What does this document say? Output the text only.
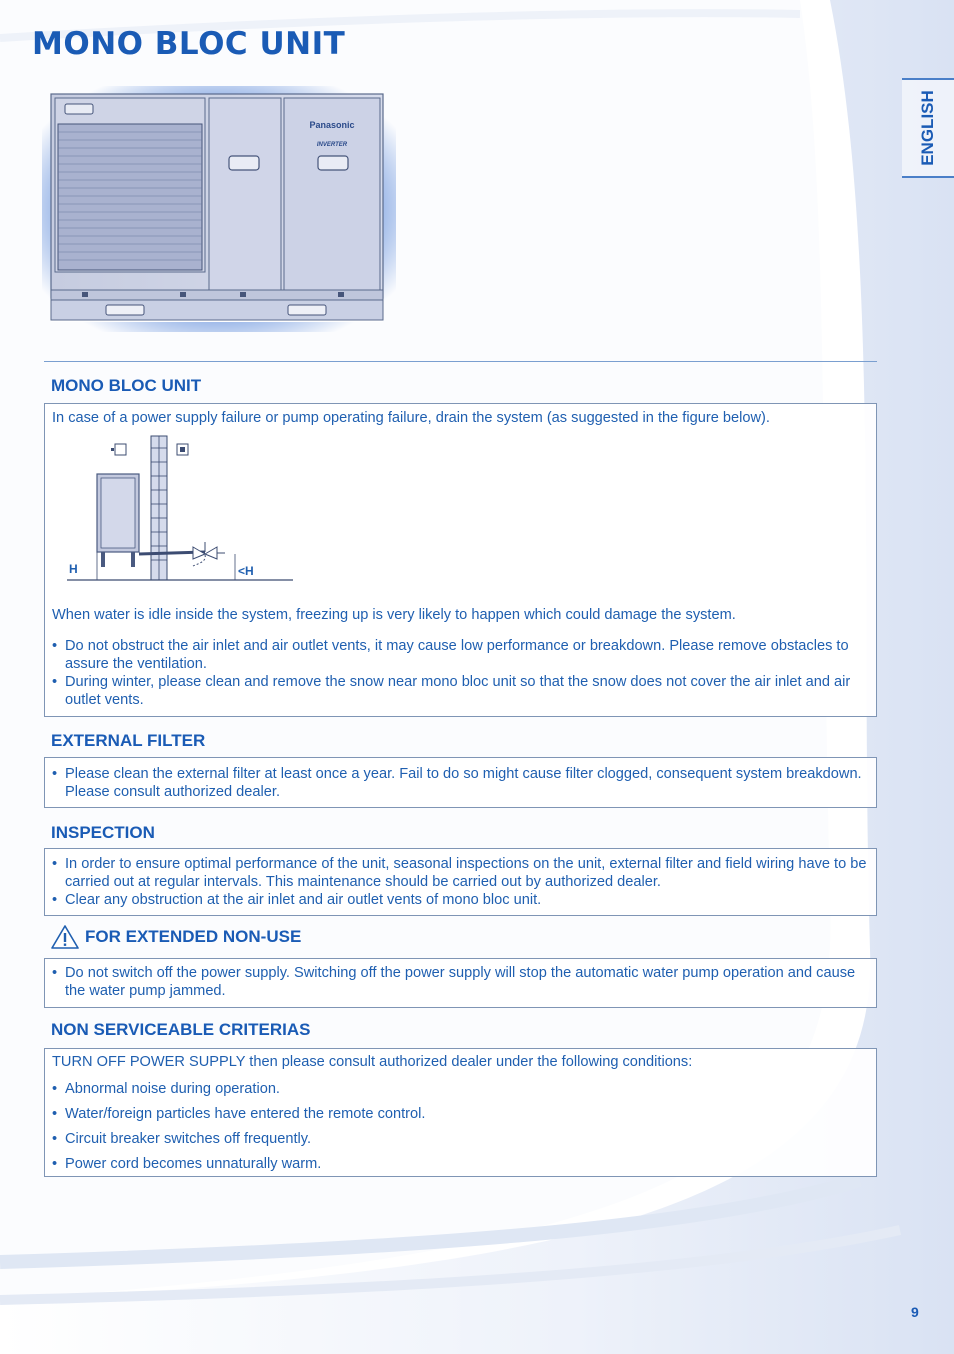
MONO BLOC UNIT
ENGLISH
Panasonic
INVERTER
MONO BLOC UNIT

In case of a power supply failure or pump operating failure, drain the system (as suggested in the figure below).

H	<H

When water is idle inside the system, freezing up is very likely to happen which could damage the system.

• Do not obstruct the air inlet and air outlet vents, it may cause low performance or breakdown. Please remove obstacles to assure the ventilation.
• During winter, please clean and remove the snow near mono bloc unit so that the snow does not cover the air inlet and air outlet vents.
EXTERNAL FILTER
• Please clean the external filter at least once a year. Fail to do so might cause filter clogged, consequent system breakdown. Please consult authorized dealer.
INSPECTION
• In order to ensure optimal performance of the unit, seasonal inspections on the unit, external filter and field wiring have to be carried out at regular intervals. This maintenance should be carried out by authorized dealer.
• Clear any obstruction at the air inlet and air outlet vents of mono bloc unit.
FOR EXTENDED NON-USE
• Do not switch off the power supply. Switching off the power supply will stop the automatic water pump operation and cause the water pump jammed.
NON SERVICEABLE CRITERIAS

TURN OFF POWER SUPPLY then please consult authorized dealer under the following conditions:

• Abnormal noise during operation.
• Water/foreign particles have entered the remote control.
• Circuit breaker switches off frequently.
• Power cord becomes unnaturally warm.
9
